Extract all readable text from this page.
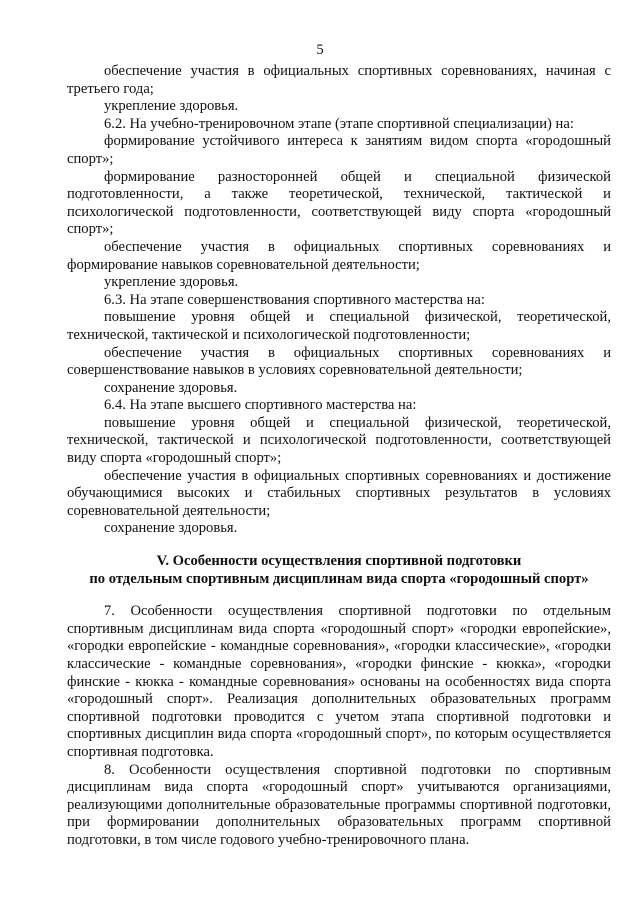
5

обеспечение участия в официальных спортивных соревнованиях, начиная с третьего года;

укрепление здоровья.

6.2. На учебно-тренировочном этапе (этапе спортивной специализации) на:

формирование устойчивого интереса к занятиям видом спорта «городошный спорт»;

формирование разносторонней общей и специальной физической подготовленности, а также теоретической, технической, тактической и психологической подготовленности, соответствующей виду спорта «городошный спорт»;

обеспечение участия в официальных спортивных соревнованиях и формирование навыков соревновательной деятельности;

укрепление здоровья.

6.3. На этапе совершенствования спортивного мастерства на:

повышение уровня общей и специальной физической, теоретической, технической, тактической и психологической подготовленности;

обеспечение участия в официальных спортивных соревнованиях и совершенствование навыков в условиях соревновательной деятельности;

сохранение здоровья.

6.4. На этапе высшего спортивного мастерства на:

повышение уровня общей и специальной физической, теоретической, технической, тактической и психологической подготовленности, соответствующей виду спорта «городошный спорт»;

обеспечение участия в официальных спортивных соревнованиях и достижение обучающимися высоких и стабильных спортивных результатов в условиях соревновательной деятельности;

сохранение здоровья.

V. Особенности осуществления спортивной подготовки

по отдельным спортивным дисциплинам вида спорта «городошный спорт»

7. Особенности осуществления спортивной подготовки по отдельным спортивным дисциплинам вида спорта «городошный спорт» «городки европейские», «городки европейские - командные соревнования», «городки классические», «городки классические - командные соревнования», «городки финские - кюкка», «городки финские - кюкка - командные соревнования» основаны на особенностях вида спорта «городошный спорт». Реализация дополнительных образовательных программ спортивной подготовки проводится с учетом этапа спортивной подготовки и спортивных дисциплин вида спорта «городошный спорт», по которым осуществляется спортивная подготовка.

8. Особенности осуществления спортивной подготовки по спортивным дисциплинам вида спорта «городошный спорт» учитываются организациями, реализующими дополнительные образовательные программы спортивной подготовки, при формировании дополнительных образовательных программ спортивной подготовки, в том числе годового учебно-тренировочного плана.
